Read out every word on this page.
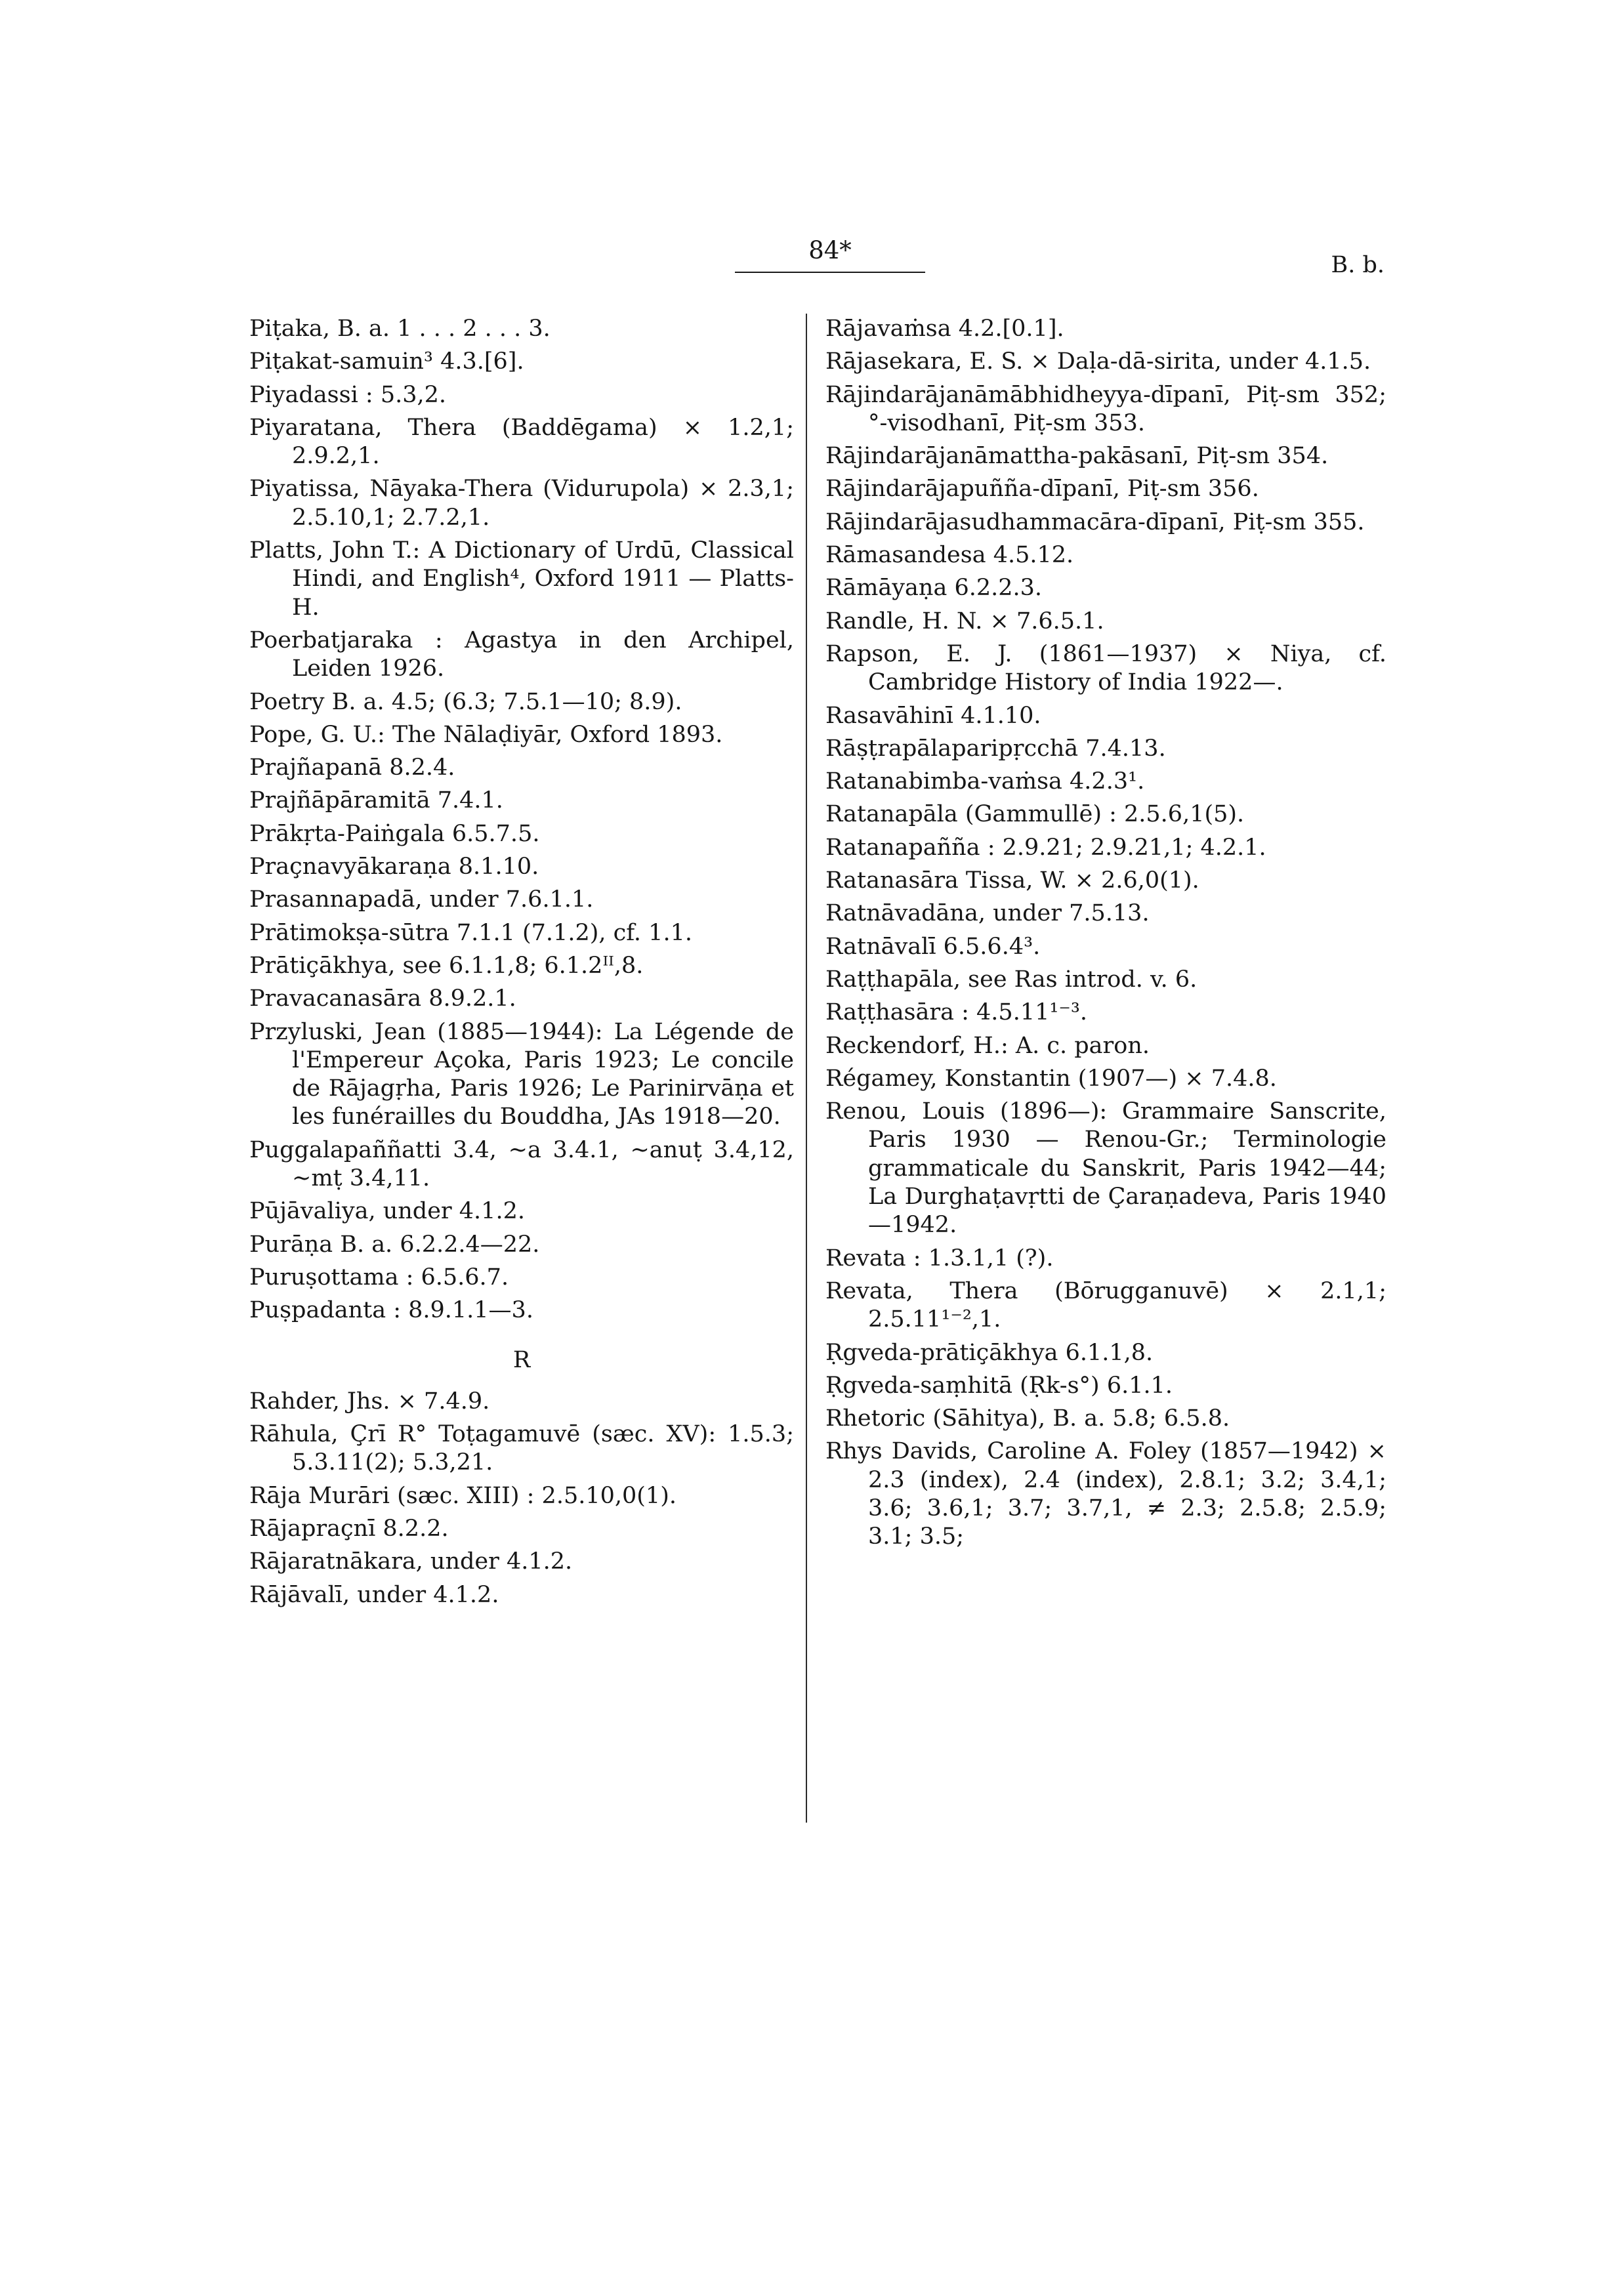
84*
B. b.
Piṭaka, B. a. 1 . . . 2 . . . 3.
Piṭakat-samuin³ 4.3.[6].
Piyadassi : 5.3,2.
Piyaratana, Thera (Baddēgama) × 1.2,1; 2.9.2,1.
Piyatissa, Nāyaka-Thera (Vidurupola) × 2.3,1; 2.5.10,1; 2.7.2,1.
Platts, John T.: A Dictionary of Urdū, Classical Hindi, and English⁴, Oxford 1911 — Platts-H.
Poerbatjaraka : Agastya in den Archipel, Leiden 1926.
Poetry B. a. 4.5; (6.3; 7.5.1—10; 8.9).
Pope, G. U.: The Nālaḍiyār, Oxford 1893.
Prajñapanā 8.2.4.
Prajñāpāramitā 7.4.1.
Prākṛta-Paiṅgala 6.5.7.5.
Praçnavyākaraṇa 8.1.10.
Prasannapadā, under 7.6.1.1.
Prātimokṣa-sūtra 7.1.1 (7.1.2), cf. 1.1.
Prātiçākhya, see 6.1.1,8; 6.1.2ᴵᴵ,8.
Pravacanasāra 8.9.2.1.
Przyluski, Jean (1885—1944): La Légende de l'Empereur Açoka, Paris 1923; Le concile de Rājagṛha, Paris 1926; Le Parinirvāṇa et les funérailles du Bouddha, JAs 1918—20.
Puggalapaññatti 3.4, ~a 3.4.1, ~anuṭ 3.4,12, ~mṭ 3.4,11.
Pūjāvaliya, under 4.1.2.
Purāṇa B. a. 6.2.2.4—22.
Puruṣottama : 6.5.6.7.
Puṣpadanta : 8.9.1.1—3.
R
Rahder, Jhs. × 7.4.9.
Rāhula, Çrī R° Toṭagamuvē (sæc. XV): 1.5.3; 5.3.11(2); 5.3,21.
Rāja Murāri (sæc. XIII) : 2.5.10,0(1).
Rājapraçnī 8.2.2.
Rājaratnākara, under 4.1.2.
Rājāvalī, under 4.1.2.
Rājavaṁsa 4.2.[0.1].
Rājasekara, E. S. × Daḷa-dā-sirita, under 4.1.5.
Rājindarājanāmābhidheyya-dīpanī, Piṭ-sm 352; °-visodhanī, Piṭ-sm 353.
Rājindarājanāmattha-pakāsanī, Piṭ-sm 354.
Rājindarājapuñña-dīpanī, Piṭ-sm 356.
Rājindarājasudhammacāra-dīpanī, Piṭ-sm 355.
Rāmasandesa 4.5.12.
Rāmāyaṇa 6.2.2.3.
Randle, H. N. × 7.6.5.1.
Rapson, E. J. (1861—1937) × Niya, cf. Cambridge History of India 1922—.
Rasavāhinī 4.1.10.
Rāṣṭrapālaparipṛcchā 7.4.13.
Ratanabimba-vaṁsa 4.2.3¹.
Ratanapāla (Gammullē) : 2.5.6,1(5).
Ratanapañña : 2.9.21; 2.9.21,1; 4.2.1.
Ratanasāra Tissa, W. × 2.6,0(1).
Ratnāvadāna, under 7.5.13.
Ratnāvalī 6.5.6.4³.
Raṭṭhapāla, see Ras introd. v. 6.
Raṭṭhasāra : 4.5.11¹⁻³.
Reckendorf, H.: A. c. paron.
Régamey, Konstantin (1907—) × 7.4.8.
Renou, Louis (1896—): Grammaire Sanscrite, Paris 1930 — Renou-Gr.; Terminologie grammaticale du Sanskrit, Paris 1942—44; La Durghaṭavṛtti de Çaraṇadeva, Paris 1940—1942.
Revata : 1.3.1,1 (?).
Revata, Thera (Bōrugganuvē) × 2.1,1; 2.5.11¹⁻²,1.
Ṛgveda-prātiçākhya 6.1.1,8.
Ṛgveda-saṃhitā (Ṛk-s°) 6.1.1.
Rhetoric (Sāhitya), B. a. 5.8; 6.5.8.
Rhys Davids, Caroline A. Foley (1857—1942) × 2.3 (index), 2.4 (index), 2.8.1; 3.2; 3.4,1; 3.6; 3.6,1; 3.7; 3.7,1, ≠ 2.3; 2.5.8; 2.5.9; 3.1; 3.5;
